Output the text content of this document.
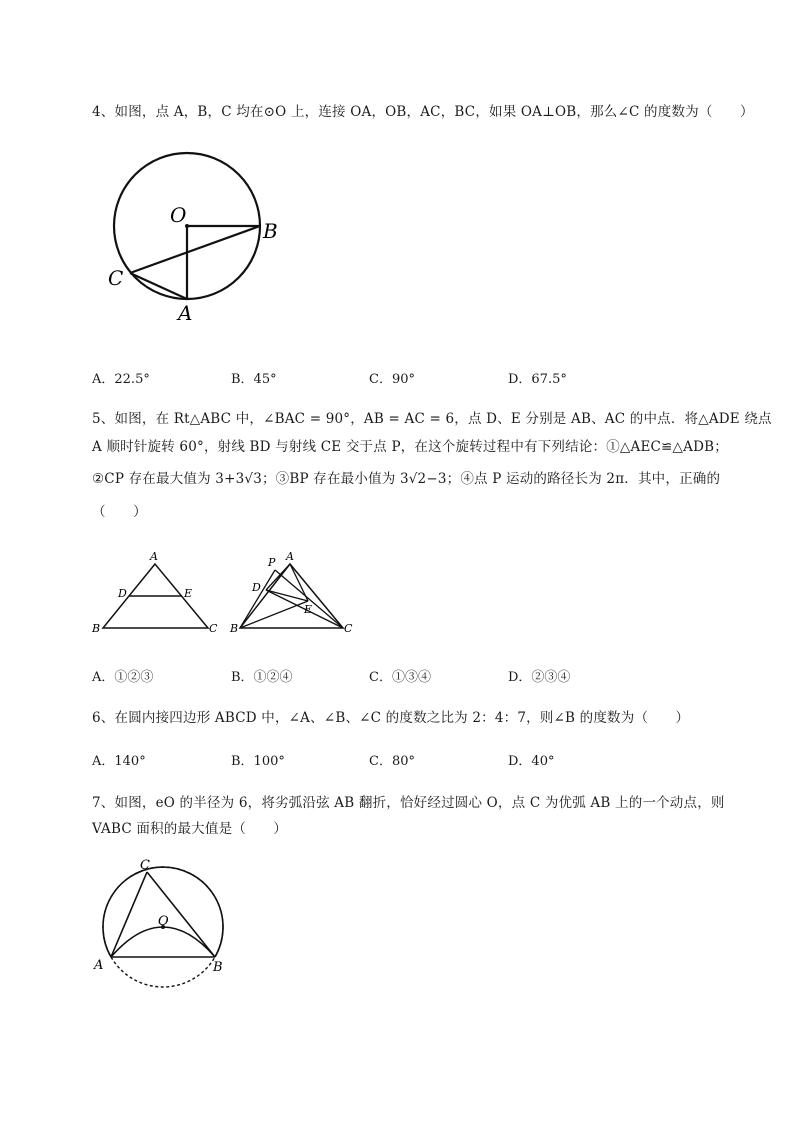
4、如图，点 A，B，C 均在⊙O 上，连接 OA，OB，AC，BC，如果 OA⊥OB，那么∠C 的度数为（　　）
O
B
C
A
A．22.5°	B．45°	C．90°	D．67.5°
5、如图，在 Rt△ABC 中，∠BAC = 90°，AB = AC = 6，点 D、E 分别是 AB、AC 的中点．将△ADE 绕点
A 顺时针旋转 60°，射线 BD 与射线 CE 交于点 P，在这个旋转过程中有下列结论：①△AEC≌△ADB；
②CP 存在最大值为 3+3√3；③BP 存在最小值为 3√2−3；④点 P 运动的路径长为 2π．其中，正确的
（　　）
A
D	E
B	C
P A
D
E
B	C
A．①②③	B．①②④	C．①③④	D．②③④
6、在圆内接四边形 ABCD 中，∠A、∠B、∠C 的度数之比为 2：4：7，则∠B 的度数为（　　）
A．140°	B．100°	C．80°	D．40°
7、如图，eO 的半径为 6，将劣弧沿弦 AB 翻折，恰好经过圆心 O，点 C 为优弧 AB 上的一个动点，则
VABC 面积的最大值是（　　）
C
O
A	B
